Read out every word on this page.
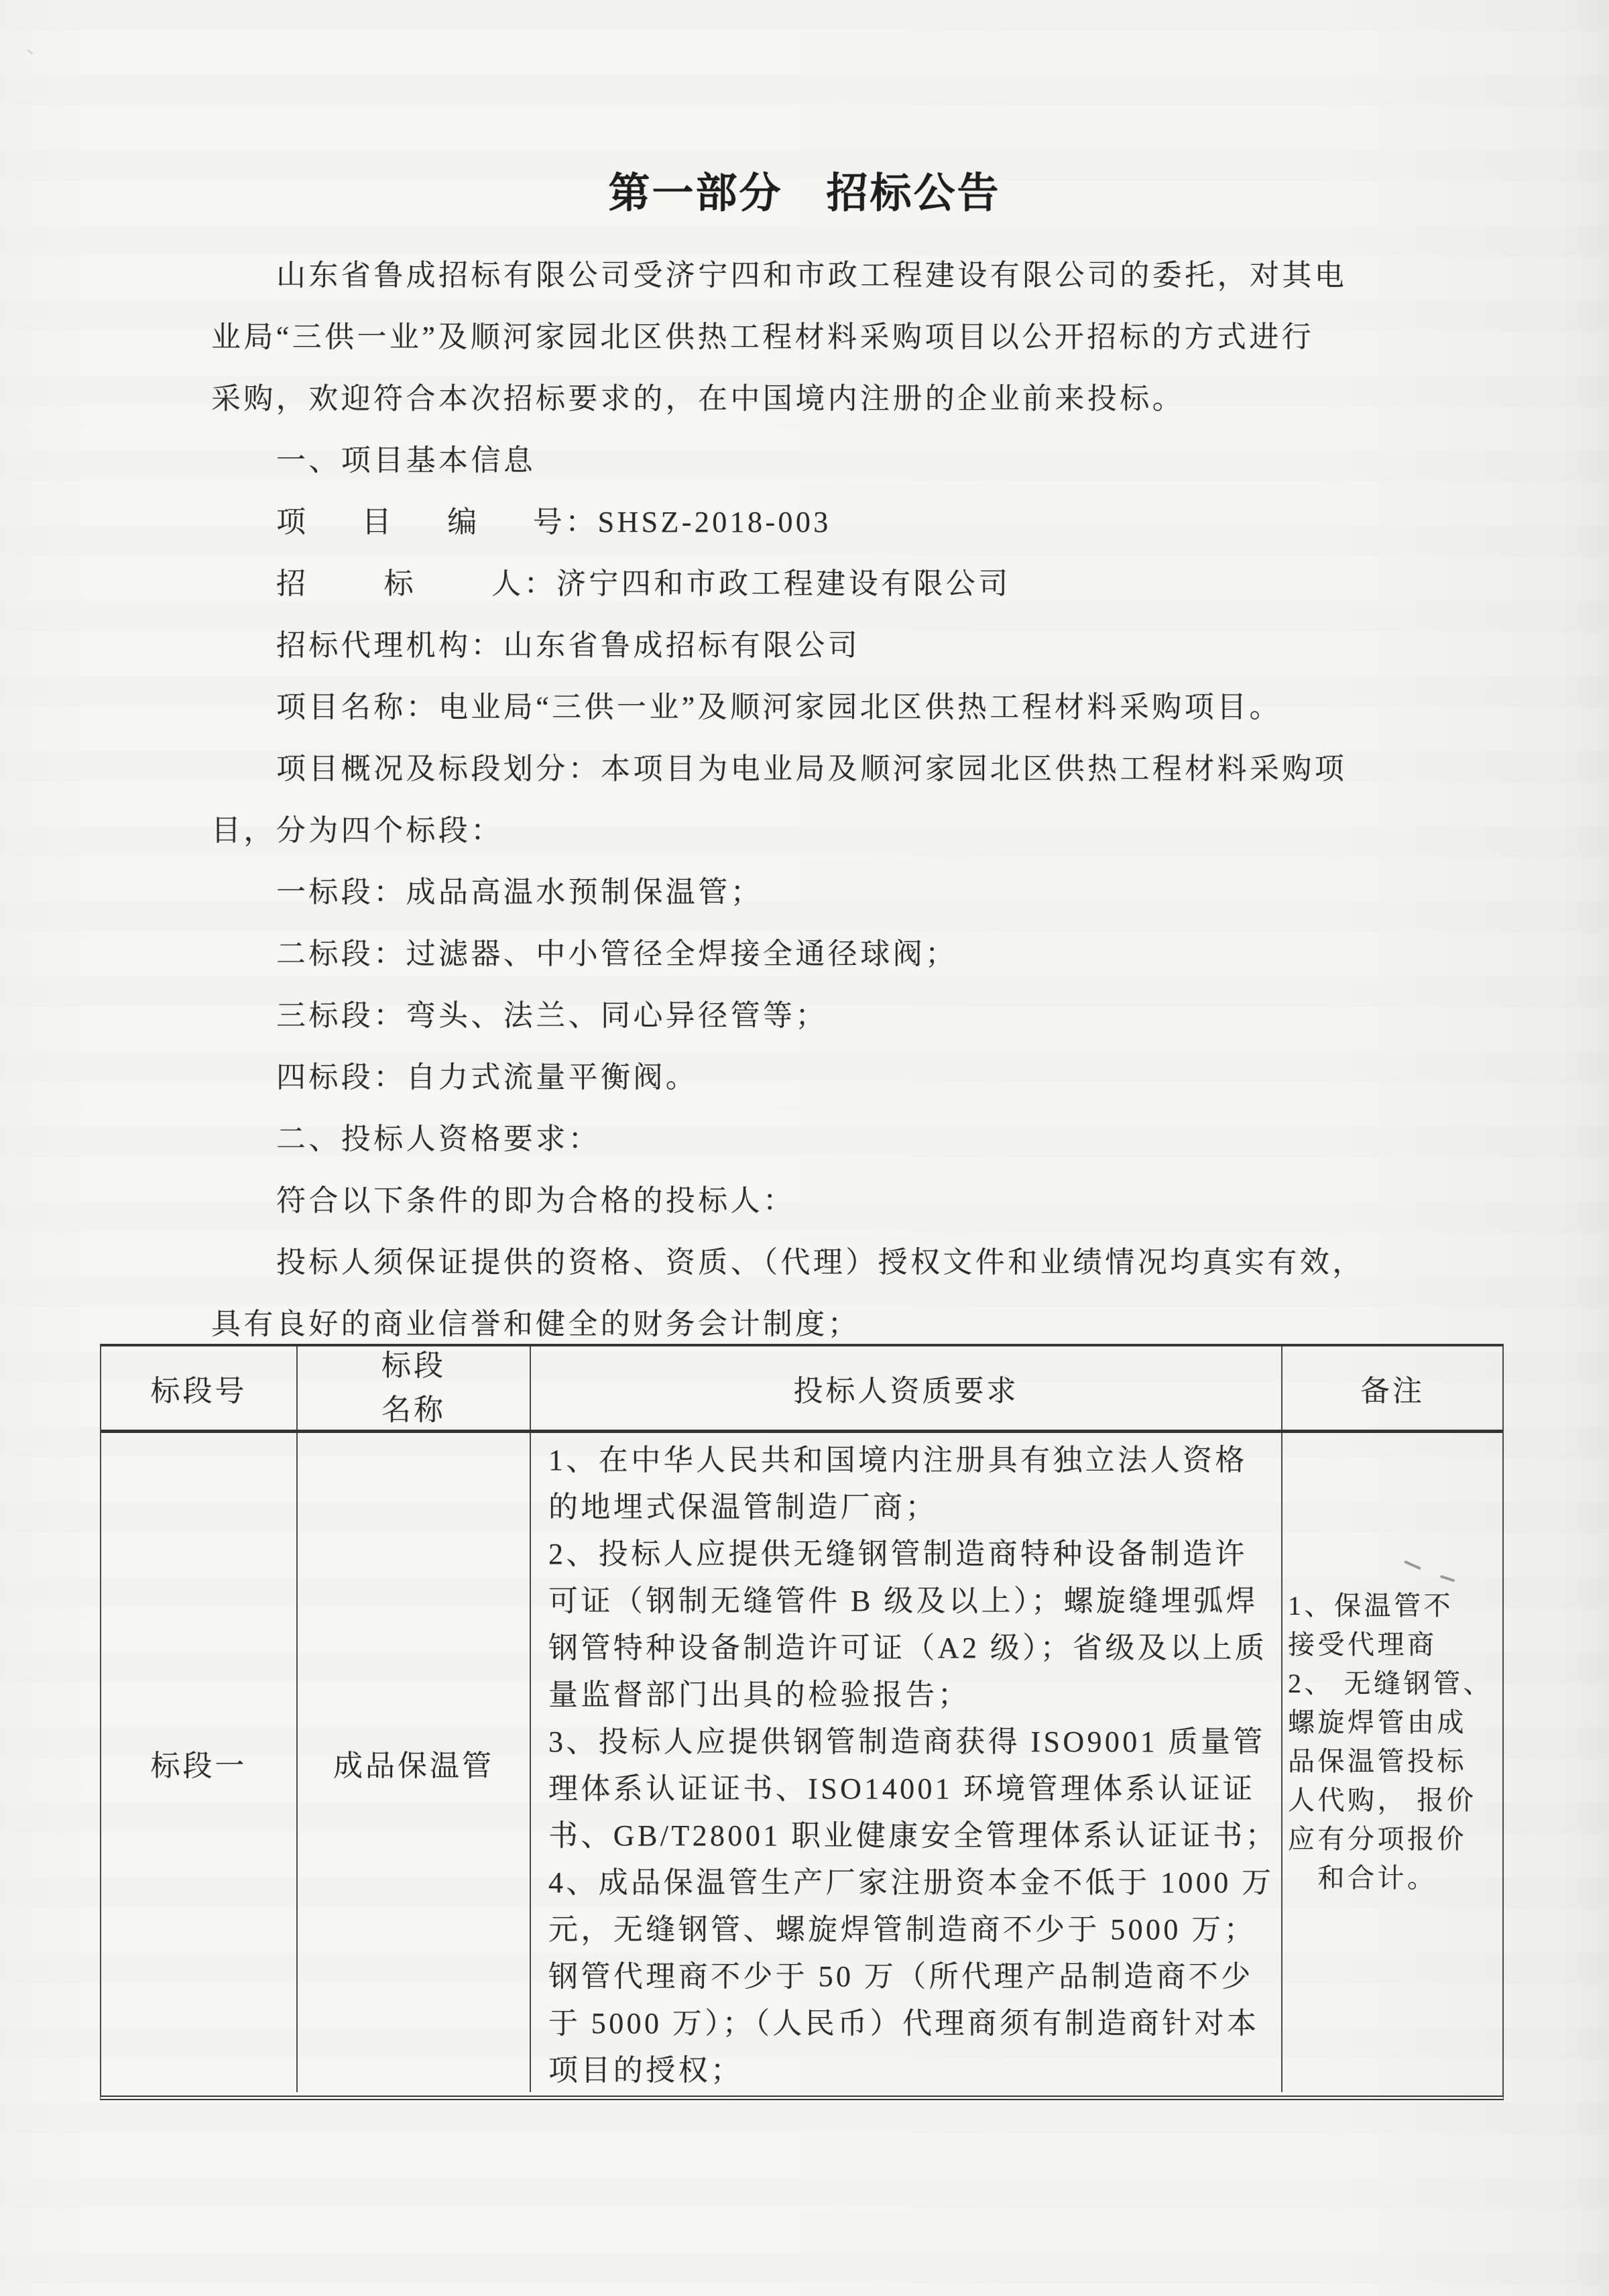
第一部分　招标公告
山东省鲁成招标有限公司受济宁四和市政工程建设有限公司的委托，对其电
业局“三供一业”及顺河家园北区供热工程材料采购项目以公开招标的方式进行
采购，欢迎符合本次招标要求的，在中国境内注册的企业前来投标。
一、项目基本信息
项　  目　  编　  号：SHSZ-2018-003
招　 　标　 　人：济宁四和市政工程建设有限公司
招标代理机构：山东省鲁成招标有限公司
项目名称：电业局“三供一业”及顺河家园北区供热工程材料采购项目。
项目概况及标段划分：本项目为电业局及顺河家园北区供热工程材料采购项
目，分为四个标段：
一标段：成品高温水预制保温管；
二标段：过滤器、中小管径全焊接全通径球阀；
三标段：弯头、法兰、同心异径管等；
四标段：自力式流量平衡阀。
二、投标人资格要求：
符合以下条件的即为合格的投标人：
投标人须保证提供的资格、资质、（代理）授权文件和业绩情况均真实有效，
具有良好的商业信誉和健全的财务会计制度；
标段号
标段
名称
投标人资质要求	备注
标段一	成品保温管
1、在中华人民共和国境内注册具有独立法人资格
的地埋式保温管制造厂商；
2、投标人应提供无缝钢管制造商特种设备制造许
可证（钢制无缝管件 B 级及以上）；螺旋缝埋弧焊
钢管特种设备制造许可证（A2 级）；省级及以上质
量监督部门出具的检验报告；
3、投标人应提供钢管制造商获得 ISO9001 质量管
理体系认证证书、ISO14001 环境管理体系认证证
书、GB/T28001 职业健康安全管理体系认证证书；
4、成品保温管生产厂家注册资本金不低于 1000 万
元，无缝钢管、螺旋焊管制造商不少于 5000 万；
钢管代理商不少于 50 万（所代理产品制造商不少
于 5000 万）；（人民币）代理商须有制造商针对本
项目的授权；
1、保温管不
接受代理商
2、 无缝钢管、
螺旋焊管由成
品保温管投标
人代购， 报价
应有分项报价
　和合计。
